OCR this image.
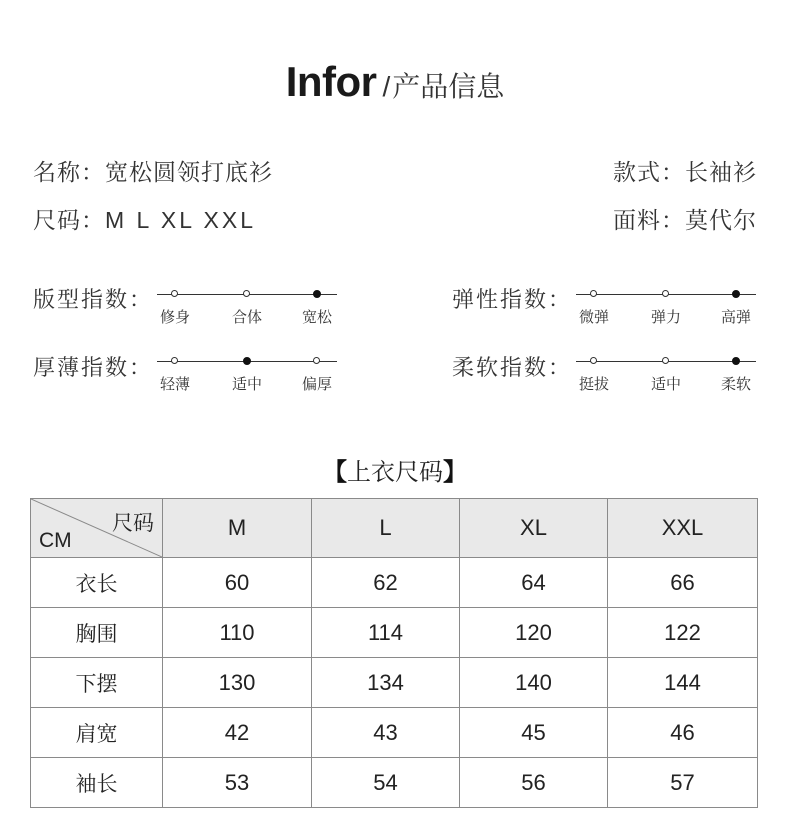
Infor /产品信息
名称：宽松圆领打底衫	款式：长袖衫
尺码：M L XL XXL	面料：莫代尔
版型指数：
修身	合体	宽松
弹性指数：
微弹	弹力	高弹
厚薄指数：
轻薄	适中	偏厚
柔软指数：
挺拔	适中	柔软
【上衣尺码】
尺码
CM	M	L	XL	XXL
衣长	60	62	64	66
胸围	110	114	120	122
下摆	130	134	140	144
肩宽	42	43	45	46
袖长	53	54	56	57
